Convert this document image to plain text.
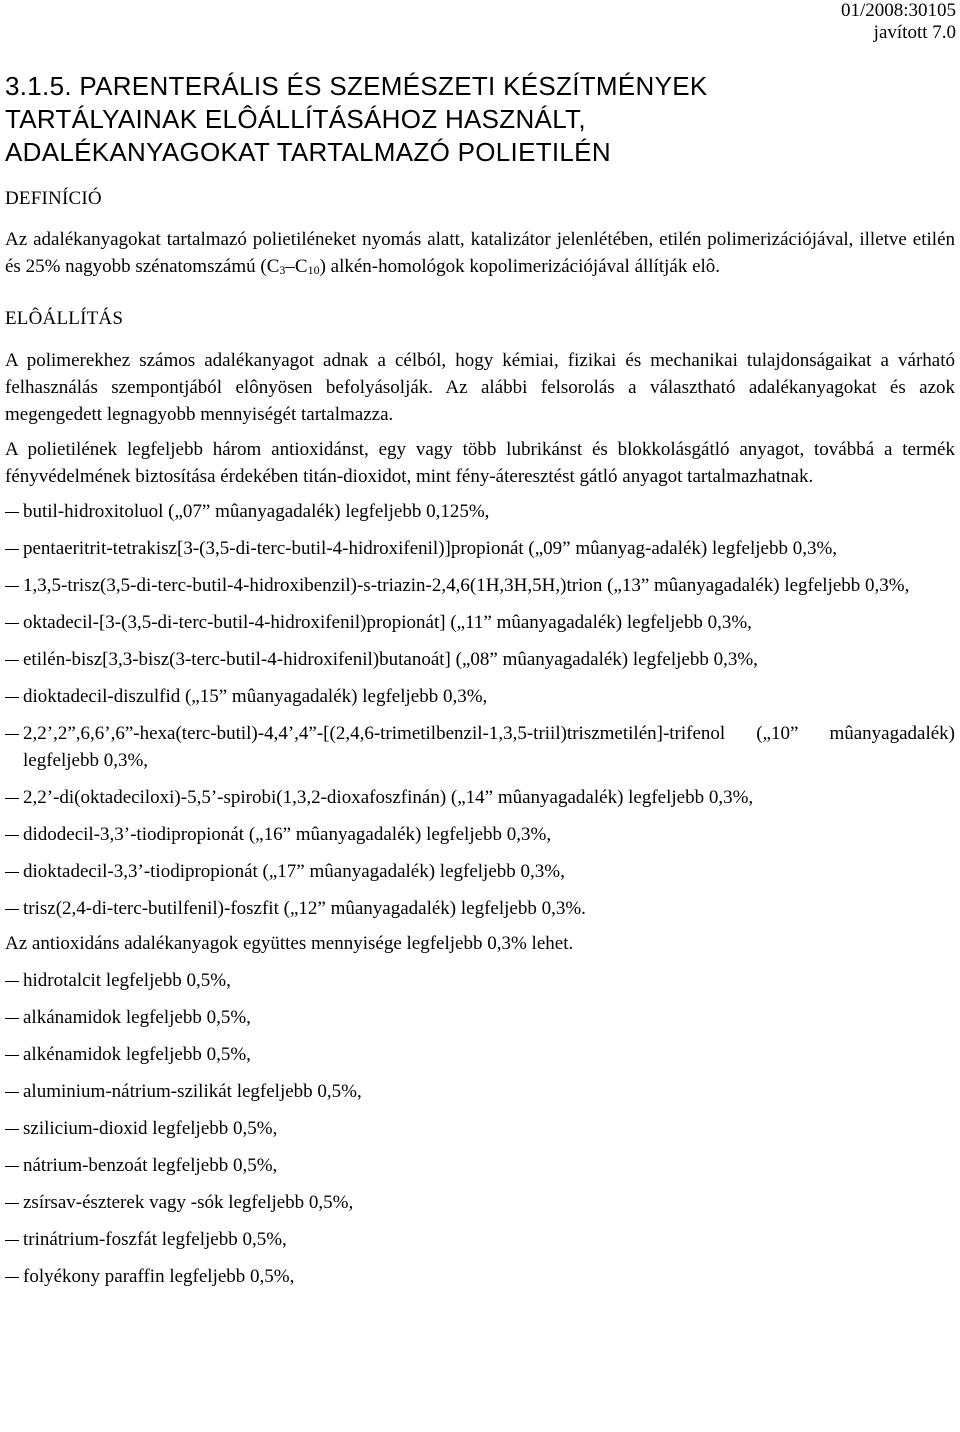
01/2008:30105
javított 7.0
3.1.5. PARENTERÁLIS ÉS SZEMÉSZETI KÉSZÍTMÉNYEK
TARTÁLYAINAK ELÔÁLLÍTÁSÁHOZ HASZNÁLT,
ADALÉKANYAGOKAT TARTALMAZÓ POLIETILÉN
DEFINÍCIÓ

Az adalékanyagokat tartalmazó polietiléneket nyomás alatt, katalizátor jelenlétében, etilén polimerizációjával, illetve etilén és 25% nagyobb szénatomszámú $(C_3-C_{10})$ alkén-homológok kopolimerizációjával állítják elô.

ELÔÁLLÍTÁS

A polimerekhez számos adalékanyagot adnak a célból, hogy kémiai, fizikai és mechanikai tulajdonságaikat a várható felhasználás szempontjából elônyösen befolyásolják. Az alábbi felsorolás a választható adalékanyagokat és azok megengedett legnagyobb mennyiségét tartalmazza.

A polietilének legfeljebb három antioxidánst, egy vagy több lubrikánst és blokkolásgátló anyagot, továbbá a termék fényvédelmének biztosítása érdekében titán-dioxidot, mint fény-áteresztést gátló anyagot tartalmazhatnak.

butil-hidroxitoluol („07” mûanyagadalék) legfeljebb 0,125%,
pentaeritrit-tetrakisz[3-(3,5-di-terc-butil-4-hidroxifenil)]propionát („09” mûanyag-adalék) legfeljebb 0,3%,
1,3,5-trisz(3,5-di-terc-butil-4-hidroxibenzil)-s-triazin-2,4,6(1H,3H,5H,)trion („13” mûanyagadalék) legfeljebb 0,3%,
oktadecil-[3-(3,5-di-terc-butil-4-hidroxifenil)propionát] („11” mûanyagadalék) legfeljebb 0,3%,
etilén-bisz[3,3-bisz(3-terc-butil-4-hidroxifenil)butanoát] („08” mûanyagadalék) legfeljebb 0,3%,
dioktadecil-diszulfid („15” mûanyagadalék) legfeljebb 0,3%,
2,2’,2”,6,6’,6”-hexa(terc-butil)-4,4’,4”-[(2,4,6-trimetilbenzil-1,3,5-triil)triszmetilén]-trifenol („10” mûanyagadalék) legfeljebb 0,3%,
2,2’-di(oktadeciloxi)-5,5’-spirobi(1,3,2-dioxafoszfinán) („14” mûanyagadalék) legfeljebb 0,3%,
didodecil-3,3’-tiodipropionát („16” mûanyagadalék) legfeljebb 0,3%,
dioktadecil-3,3’-tiodipropionát („17” mûanyagadalék) legfeljebb 0,3%,
trisz(2,4-di-terc-butilfenil)-foszfit („12” mûanyagadalék) legfeljebb 0,3%.

Az antioxidáns adalékanyagok együttes mennyisége legfeljebb 0,3% lehet.

hidrotalcit legfeljebb 0,5%,
alkánamidok legfeljebb 0,5%,
alkénamidok legfeljebb 0,5%,
aluminium-nátrium-szilikát legfeljebb 0,5%,
szilicium-dioxid legfeljebb 0,5%,
nátrium-benzoát legfeljebb 0,5%,
zsírsav-észterek vagy -sók legfeljebb 0,5%,
trinátrium-foszfát legfeljebb 0,5%,
folyékony paraffin legfeljebb 0,5%,
